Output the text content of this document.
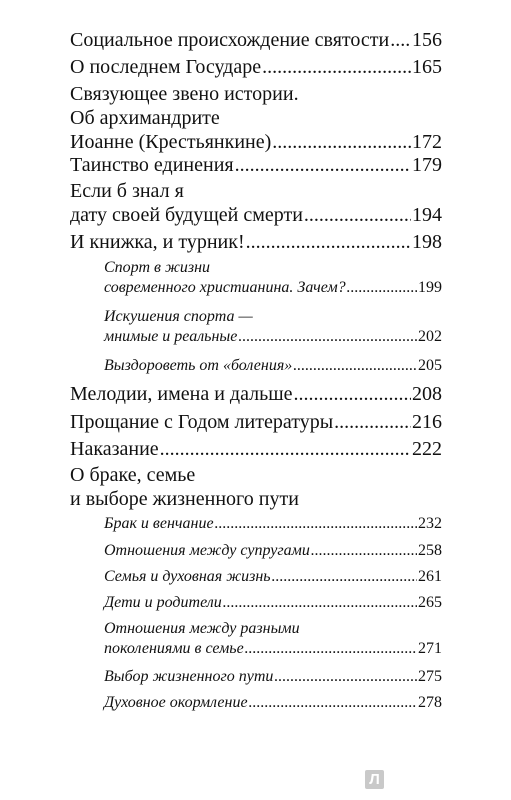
Социальное происхождение святости ..... 156
О последнем Государе .....	165
Связующее звено истории.
Об архимандрите
Иоанне (Крестьянкине) .....	172
Таинство единения .....	179
Если б знал я
дату своей будущей смерти .....	194
И книжка, и турник! .....	198
Спорт в жизни
современного христианина. Зачем? .....	199
Искушения спорта —
мнимые и реальные .....	202
Выздороветь от «боления» .....	205
Мелодии, имена и дальше .....	208
Прощание с Годом литературы .....	216
Наказание .....	222
О браке, семье
и выборе жизненного пути
Брак и венчание .....	232
Отношения между супругами .....	258
Семья и духовная жизнь .....	261
Дети и родители .....	265
Отношения между разными
поколениями в семье .....	271
Выбор жизненного пути .....	275
Духовное окормление .....	278
Л
